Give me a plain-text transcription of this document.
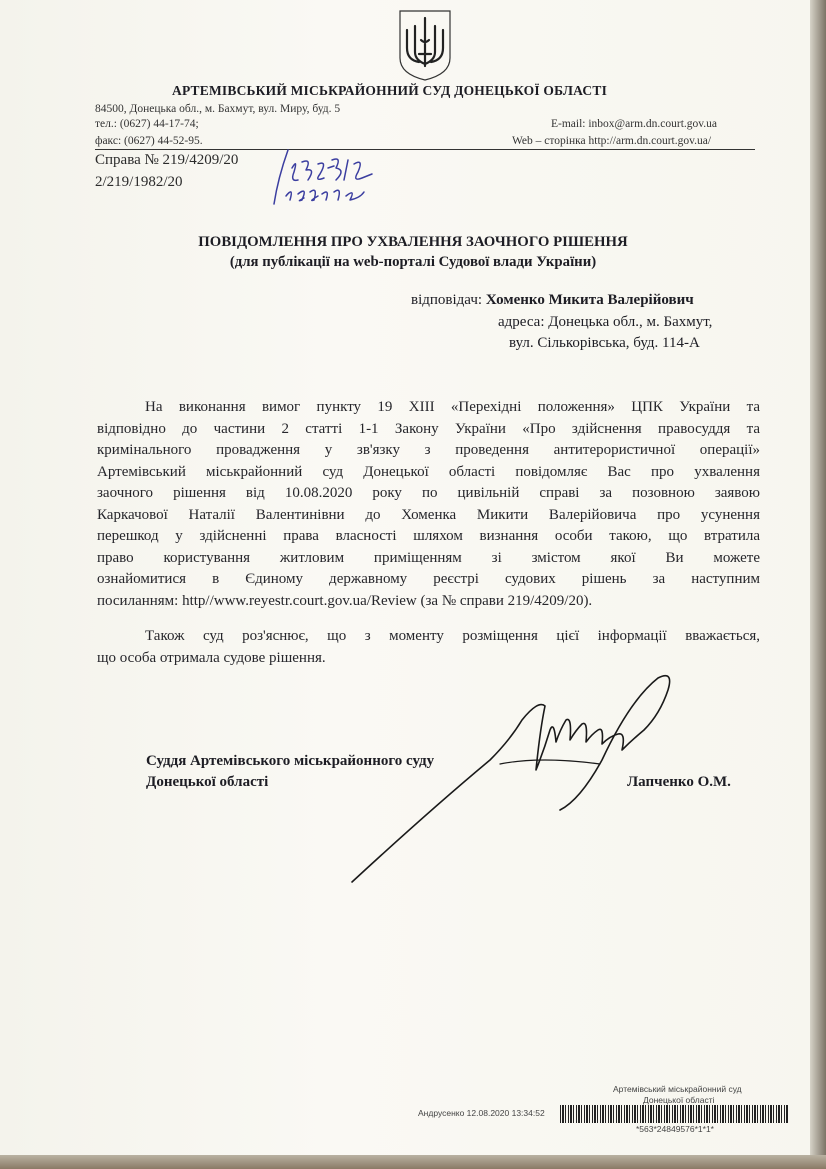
АРТЕМІВСЬКИЙ МІСЬКРАЙОННИЙ СУД ДОНЕЦЬКОЇ ОБЛАСТІ
84500, Донецька обл., м. Бахмут, вул. Миру, буд. 5
тел.: (0627) 44-17-74;
факс: (0627) 44-52-95.
E-mail: inbox@arm.dn.court.gov.ua
Web – сторінка http://arm.dn.court.gov.ua/
Справа № 219/4209/20
2/219/1982/20
ПОВІДОМЛЕННЯ ПРО УХВАЛЕННЯ ЗАОЧНОГО РІШЕННЯ
(для публікації на web-порталі Судової влади України)
відповідач: Хоменко Микита Валерійович
адреса: Донецька обл., м. Бахмут,
вул. Сількорівська, буд. 114-А
На виконання вимог пункту 19 XIII «Перехідні положення» ЦПК України та
відповідно до частини 2 статті 1-1 Закону України «Про здійснення правосуддя та
кримінального провадження у зв'язку з проведення антитерористичної операції»
Артемівський міськрайонний суд Донецької області повідомляє Вас про ухвалення
заочного рішення від 10.08.2020 року по цивільній справі за позовною заявою
Каркачової Наталії Валентинівни до Хоменка Микити Валерійовича про усунення
перешкод у здійсненні права власності шляхом визнання особи такою, що втратила
право користування житловим приміщенням зі змістом якої Ви можете
ознайомитися в Єдиному державному реєстрі судових рішень за наступним
посиланням: http//www.reyestr.court.gov.ua/Review (за № справи 219/4209/20).
Також суд роз'яснює, що з моменту розміщення цієї інформації вважається,
що особа отримала судове рішення.
Суддя Артемівського міськрайонного суду
Донецької області	Лапченко О.М.
Артемівський міськрайонний суд
Донецької області
Андрусенко 12.08.2020 13:34:52
*563*24849576*1*1*
